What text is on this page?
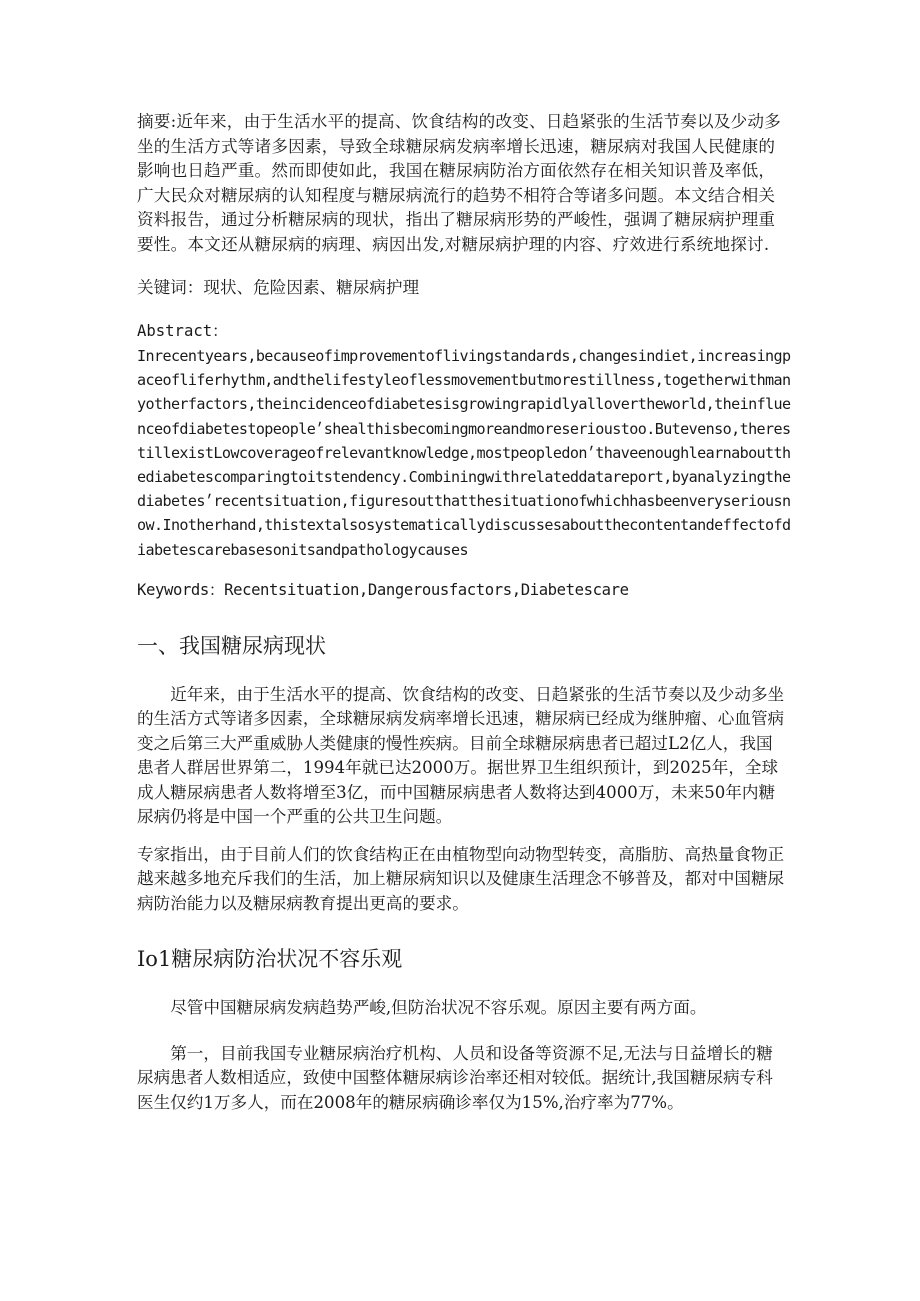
摘要:近年来，由于生活水平的提高、饮食结构的改变、日趋紧张的生活节奏以及少动多坐的生活方式等诸多因素，导致全球糖尿病发病率增长迅速，糖尿病对我国人民健康的影响也日趋严重。然而即使如此，我国在糖尿病防治方面依然存在相关知识普及率低，广大民众对糖尿病的认知程度与糖尿病流行的趋势不相符合等诸多问题。本文结合相关资料报告，通过分析糖尿病的现状，指出了糖尿病形势的严峻性，强调了糖尿病护理重要性。本文还从糖尿病的病理、病因出发,对糖尿病护理的内容、疗效进行系统地探讨.

关键词：现状、危险因素、糖尿病护理

Abstract：

Inrecentyears,becauseofimprovementoflivingstandards,changesindiet,increasingpaceofliferhythm,andthelifestyleoflessmovementbutmorestillness,togetherwithmanyotherfactors,theincidenceofdiabetesisgrowingrapidlyallovertheworld,theinfluenceofdiabetestopeople׳shealthisbecomingmoreandmoreserioustoo.Butevenso,therestillexistLowcoverageofrelevantknowledge,mostpeopledon׳thaveenoughlearnaboutthediabetescomparingtoitstendency.Combiningwithrelateddatareport,byanalyzingthediabetes׳recentsituation,figuresoutthatthesituationofwhichhasbeenveryseriousnow.Inotherhand,thistextalsosystematicallydiscussesaboutthecontentandeffectofdiabetescarebasesonitsandpathologycauses

Keywords：Recentsituation,Dangerousfactors,Diabetescare

一、我国糖尿病现状

近年来，由于生活水平的提高、饮食结构的改变、日趋紧张的生活节奏以及少动多坐的生活方式等诸多因素，全球糖尿病发病率增长迅速，糖尿病已经成为继肿瘤、心血管病变之后第三大严重威胁人类健康的慢性疾病。目前全球糖尿病患者已超过L2亿人，我国患者人群居世界第二，1994年就已达2000万。据世界卫生组织预计，到2025年，全球成人糖尿病患者人数将增至3亿，而中国糖尿病患者人数将达到4000万，未来50年内糖尿病仍将是中国一个严重的公共卫生问题。

专家指出，由于目前人们的饮食结构正在由植物型向动物型转变，高脂肪、高热量食物正越来越多地充斥我们的生活，加上糖尿病知识以及健康生活理念不够普及，都对中国糖尿病防治能力以及糖尿病教育提出更高的要求。

Io1糖尿病防治状况不容乐观

尽管中国糖尿病发病趋势严峻,但防治状况不容乐观。原因主要有两方面。

第一，目前我国专业糖尿病治疗机构、人员和设备等资源不足,无法与日益增长的糖尿病患者人数相适应，致使中国整体糖尿病诊治率还相对较低。据统计,我国糖尿病专科医生仅约1万多人，而在2008年的糖尿病确诊率仅为15%,治疗率为77%。
